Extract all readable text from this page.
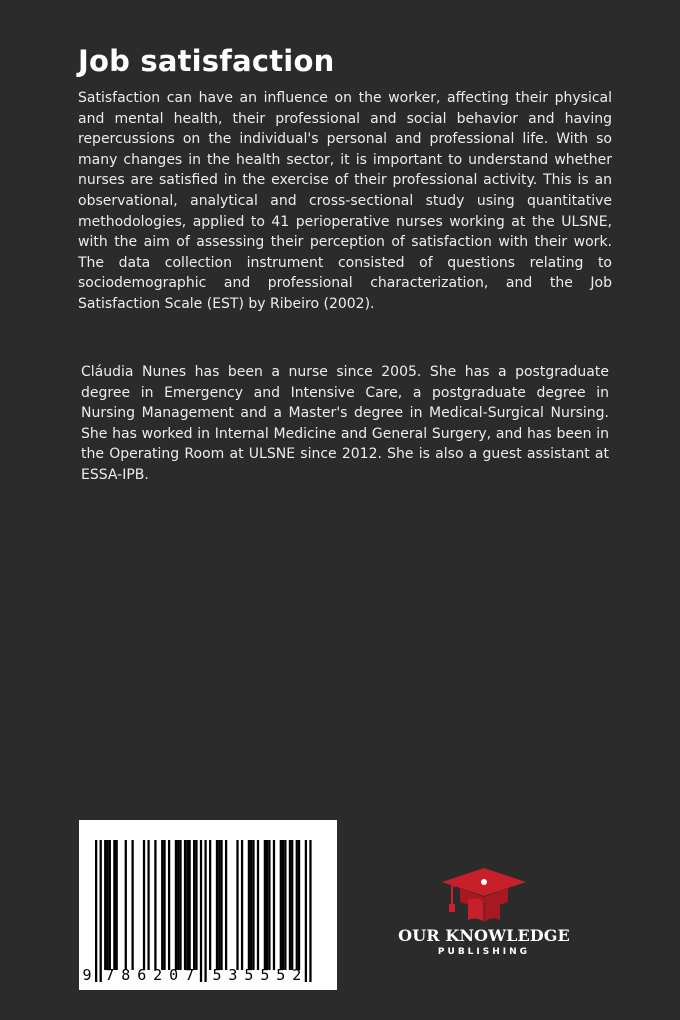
Job satisfaction

Satisfaction can have an influence on the worker, affecting their physical and mental health, their professional and social behavior and having repercussions on the individual's personal and professional life. With so many changes in the health sector, it is important to understand whether nurses are satisfied in the exercise of their professional activity. This is an observational, analytical and cross-sectional study using quantitative methodologies, applied to 41 perioperative nurses working at the ULSNE, with the aim of assessing their perception of satisfaction with their work. The data collection instrument consisted of questions relating to sociodemographic and professional characterization, and the Job Satisfaction Scale (EST) by Ribeiro (2002).

Cláudia Nunes has been a nurse since 2005. She has a postgraduate degree in Emergency and Intensive Care, a postgraduate degree in Nursing Management and a Master's degree in Medical-Surgical Nursing. She has worked in Internal Medicine and General Surgery, and has been in the Operating Room at ULSNE since 2012. She is also a guest assistant at ESSA-IPB.

9 7 8 6 2 0 7 5 3 5 5 5 2
OUR KNOWLEDGE
PUBLISHING
